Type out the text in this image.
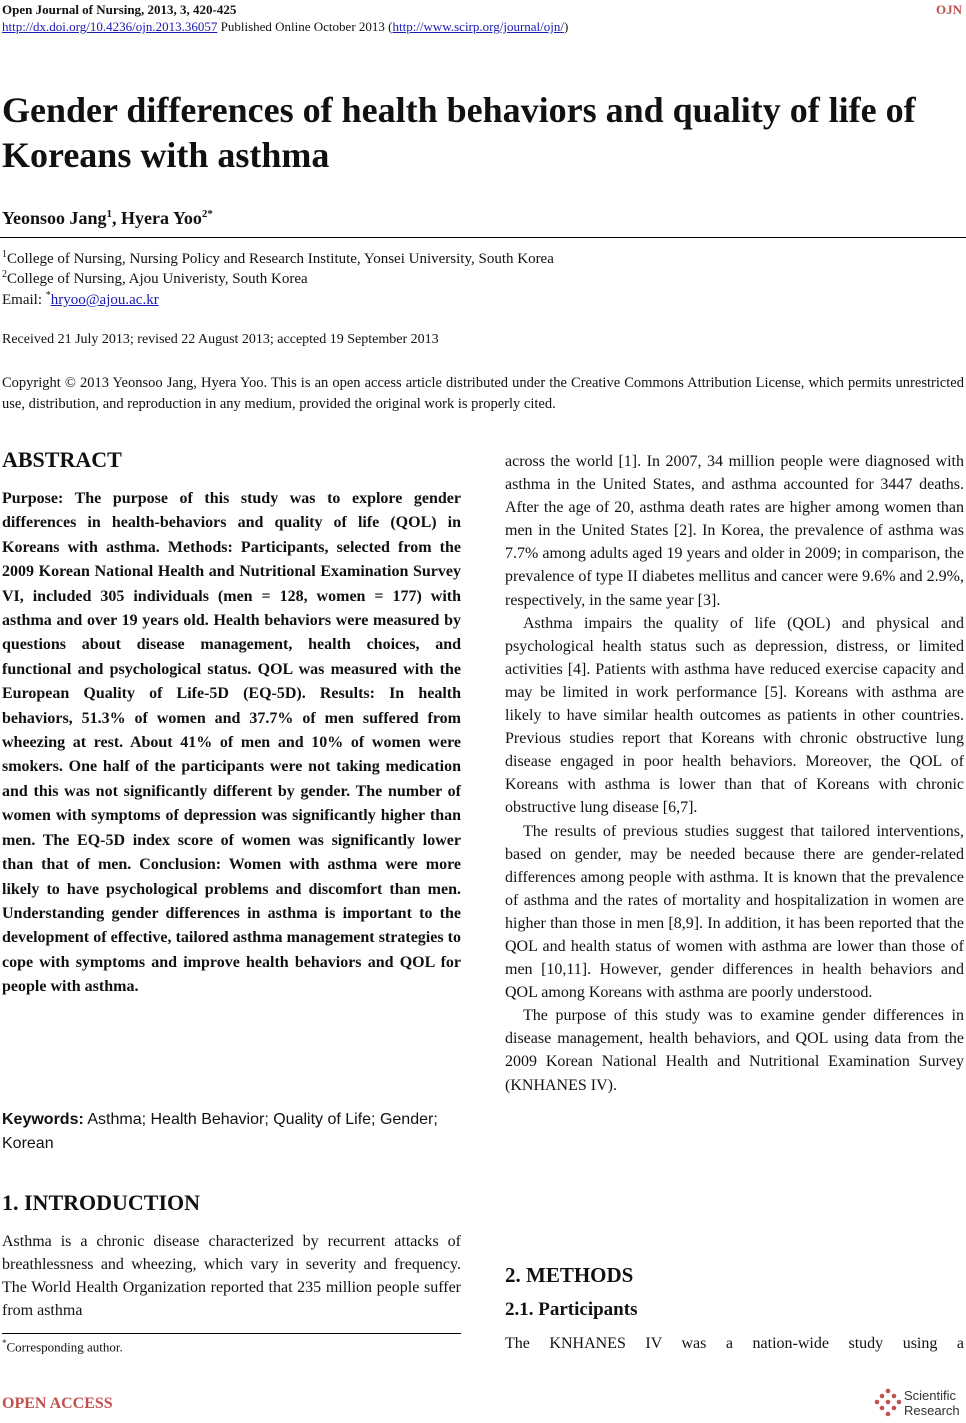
Open Journal of Nursing, 2013, 3, 420-425	OJN
http://dx.doi.org/10.4236/ojn.2013.36057 Published Online October 2013 (http://www.scirp.org/journal/ojn/)
Gender differences of health behaviors and quality of life of Koreans with asthma
Yeonsoo Jang$^1$, Hyera Yoo$^{2*}$
$^1$College of Nursing, Nursing Policy and Research Institute, Yonsei University, South Korea
$^2$College of Nursing, Ajou Univeristy, South Korea
Email: *hryoo@ajou.ac.kr
Received 21 July 2013; revised 22 August 2013; accepted 19 September 2013
Copyright © 2013 Yeonsoo Jang, Hyera Yoo. This is an open access article distributed under the Creative Commons Attribution License, which permits unrestricted use, distribution, and reproduction in any medium, provided the original work is properly cited.
ABSTRACT
Purpose: The purpose of this study was to explore gender differences in health-behaviors and quality of life (QOL) in Koreans with asthma. Methods: Participants, selected from the 2009 Korean National Health and Nutritional Examination Survey VI, included 305 individuals (men = 128, women = 177) with asthma and over 19 years old. Health behaviors were measured by questions about disease management, health choices, and functional and psychological status. QOL was measured with the European Quality of Life-5D (EQ-5D). Results: In health behaviors, 51.3% of women and 37.7% of men suffered from wheezing at rest. About 41% of men and 10% of women were smokers. One half of the participants were not taking medication and this was not significantly different by gender. The number of women with symptoms of depression was significantly higher than men. The EQ-5D index score of women was significantly lower than that of men. Conclusion: Women with asthma were more likely to have psychological problems and discomfort than men. Understanding gender differences in asthma is important to the development of effective, tailored asthma management strategies to cope with symptoms and improve health behaviors and QOL for people with asthma.
Keywords: Asthma; Health Behavior; Quality of Life; Gender; Korean
1. INTRODUCTION
Asthma is a chronic disease characterized by recurrent attacks of breathlessness and wheezing, which vary in severity and frequency. The World Health Organization reported that 235 million people suffer from asthma
*Corresponding author.

across the world [1]. In 2007, 34 million people were diagnosed with asthma in the United States, and asthma accounted for 3447 deaths. After the age of 20, asthma death rates are higher among women than men in the United States [2]. In Korea, the prevalence of asthma was 7.7% among adults aged 19 years and older in 2009; in comparison, the prevalence of type II diabetes mellitus and cancer were 9.6% and 2.9%, respectively, in the same year [3].

Asthma impairs the quality of life (QOL) and physical and psychological health status such as depression, distress, or limited activities [4]. Patients with asthma have reduced exercise capacity and may be limited in work performance [5]. Koreans with asthma are likely to have similar health outcomes as patients in other countries. Previous studies report that Koreans with chronic obstructive lung disease engaged in poor health behaviors. Moreover, the QOL of Koreans with asthma is lower than that of Koreans with chronic obstructive lung disease [6,7].

The results of previous studies suggest that tailored interventions, based on gender, may be needed because there are gender-related differences among people with asthma. It is known that the prevalence of asthma and the rates of mortality and hospitalization in women are higher than those in men [8,9]. In addition, it has been reported that the QOL and health status of women with asthma are lower than those of men [10,11]. However, gender differences in health behaviors and QOL among Koreans with asthma are poorly understood.

The purpose of this study was to examine gender differences in disease management, health behaviors, and QOL using data from the 2009 Korean National Health and Nutritional Examination Survey (KNHANES IV).

2. METHODS
2.1. Participants
The KNHANES IV was a nation-wide study using a
OPEN ACCESS	Scientific
Research
